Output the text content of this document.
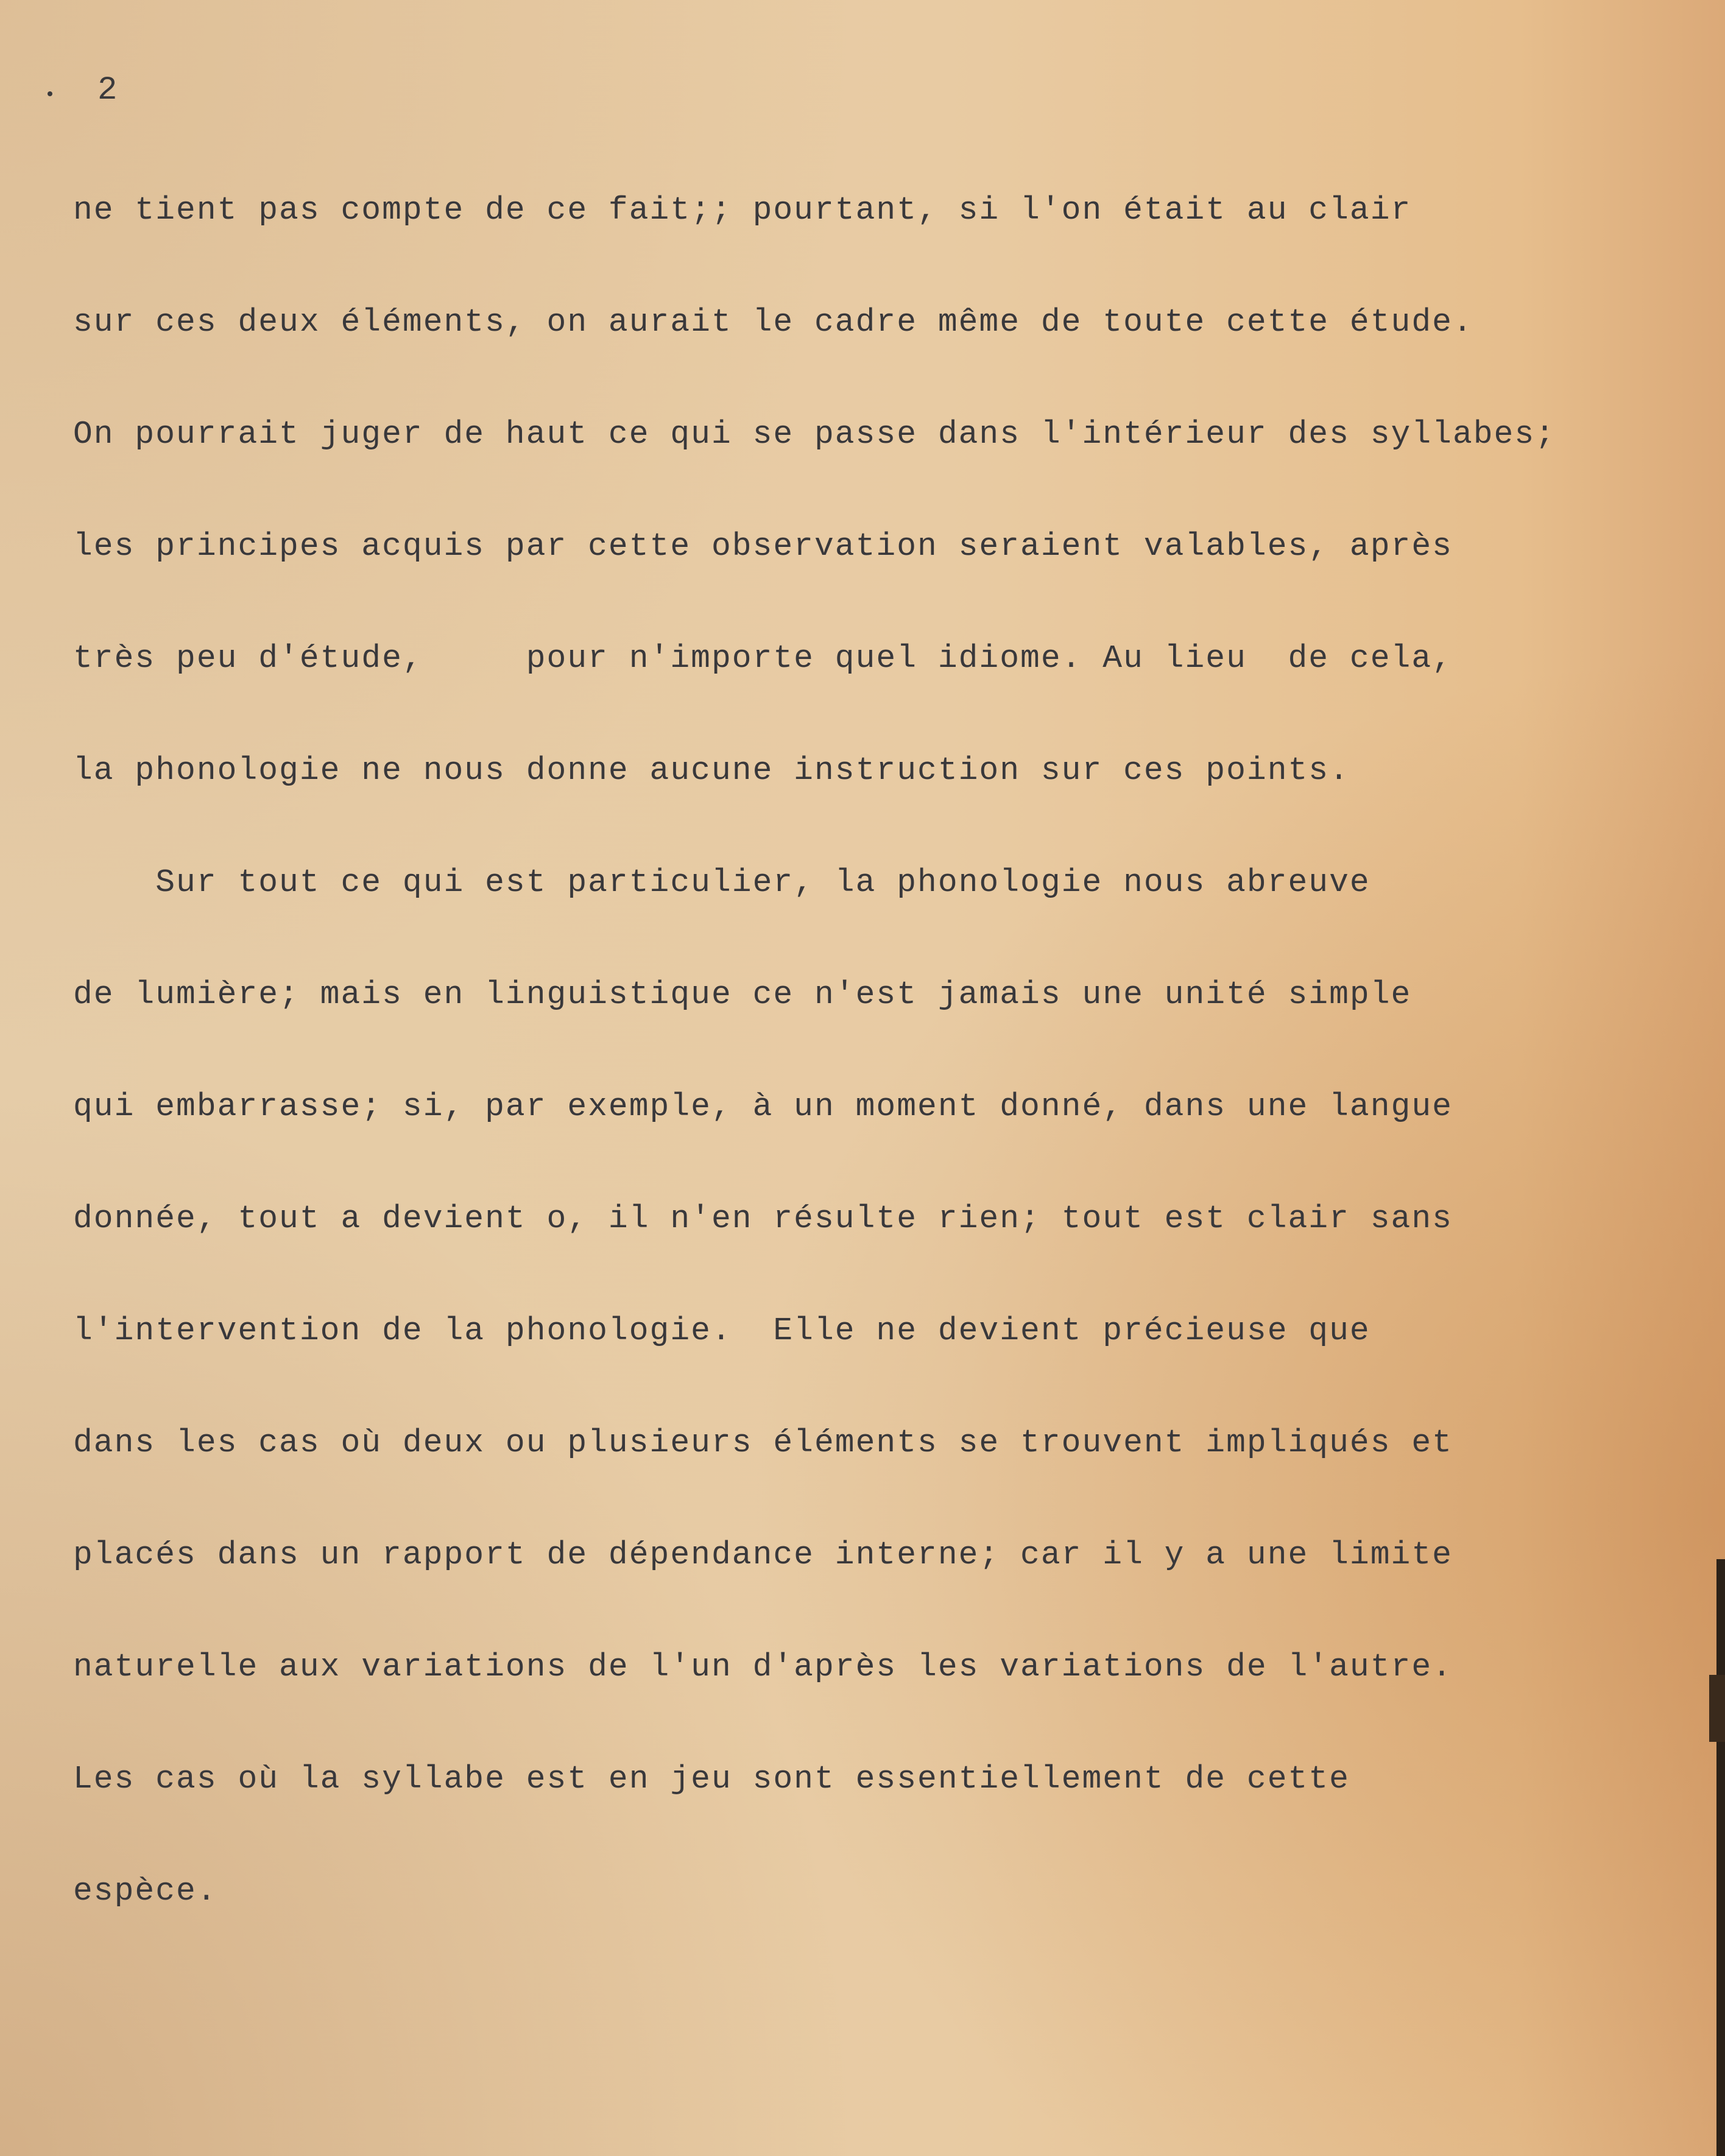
2

ne tient pas compte de ce fait;; pourtant, si l'on était au clair
sur ces deux éléments, on aurait le cadre même de toute cette étude.
On pourrait juger de haut ce qui se passe dans l'intérieur des syllabes;
les principes acquis par cette observation seraient valables, après
très peu d'étude,     pour n'importe quel idiome. Au lieu  de cela,
la phonologie ne nous donne aucune instruction sur ces points.
Sur tout ce qui est particulier, la phonologie nous abreuve
de lumière; mais en linguistique ce n'est jamais une unité simple
qui embarrasse; si, par exemple, à un moment donné, dans une langue
donnée, tout a devient o, il n'en résulte rien; tout est clair sans
l'intervention de la phonologie.  Elle ne devient précieuse que
dans les cas où deux ou plusieurs éléments se trouvent impliqués et
placés dans un rapport de dépendance interne; car il y a une limite
naturelle aux variations de l'un d'après les variations de l'autre.
Les cas où la syllabe est en jeu sont essentiellement de cette
espèce.
